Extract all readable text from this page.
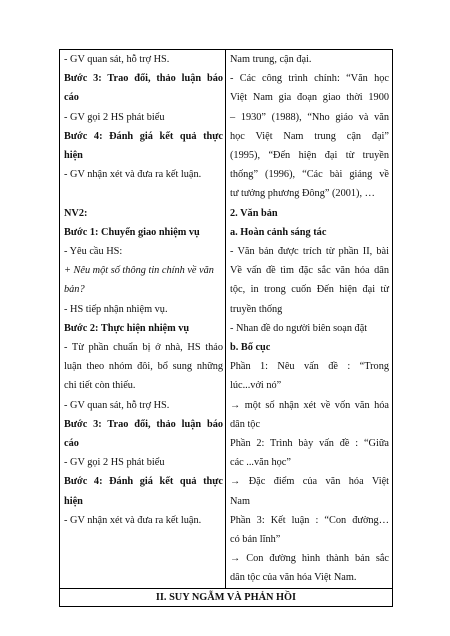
- GV quan sát, hỗ trợ HS.
Bước 3: Trao đổi, thảo luận báo
cáo
- GV gọi 2 HS phát biểu
Bước 4: Đánh giá kết quả thực
hiện
- GV nhận xét và đưa ra kết luận.
NV2:
Bước 1: Chuyển giao nhiệm vụ
- Yêu cầu HS:
+ Nêu một số thông tin chính về văn
bản?
- HS tiếp nhận nhiệm vụ.
Bước 2: Thực hiện nhiệm vụ
- Từ phần chuẩn bị ở nhà, HS thảo
luận theo nhóm đôi, bổ sung những
chi tiết còn thiếu.
- GV quan sát, hỗ trợ HS.
Bước 3: Trao đổi, thảo luận báo
cáo
- GV gọi 2 HS phát biểu
Bước 4: Đánh giá kết quả thực
hiện
- GV nhận xét và đưa ra kết luận.
Nam trung, cận đại.
- Các công trình chính: “Văn học
Việt Nam gia đoạn giao thời 1900
– 1930” (1988), “Nho giáo và văn
học Việt Nam trung cận đại”
(1995), “Đến hiện đại từ truyền
thống” (1996), “Các bài giảng về
tư tưởng phương Đông” (2001), …
2. Văn bản
a. Hoàn cảnh sáng tác
- Văn bản được trích từ phần II, bài
Về vấn đề tìm đặc sắc văn hóa dân
tộc, in trong cuốn Đến hiện đại từ
truyền thống
- Nhan đề do người biên soạn đặt
b. Bố cục
Phần 1: Nêu vấn đề : “Trong
lúc...vởi nó”
→ một số nhận xét về vốn văn hóa
dân tộc
Phần 2: Trình bày vấn đề : “Giữa
các ...văn học”
→ Đặc điểm của văn hóa Việt
Nam
Phần 3: Kết luận : “Con đường…
có bản lĩnh”
→ Con đường hình thành bản sắc
dân tộc của văn hóa Việt Nam.
II. SUY NGẪM VÀ PHẢN HỒI
